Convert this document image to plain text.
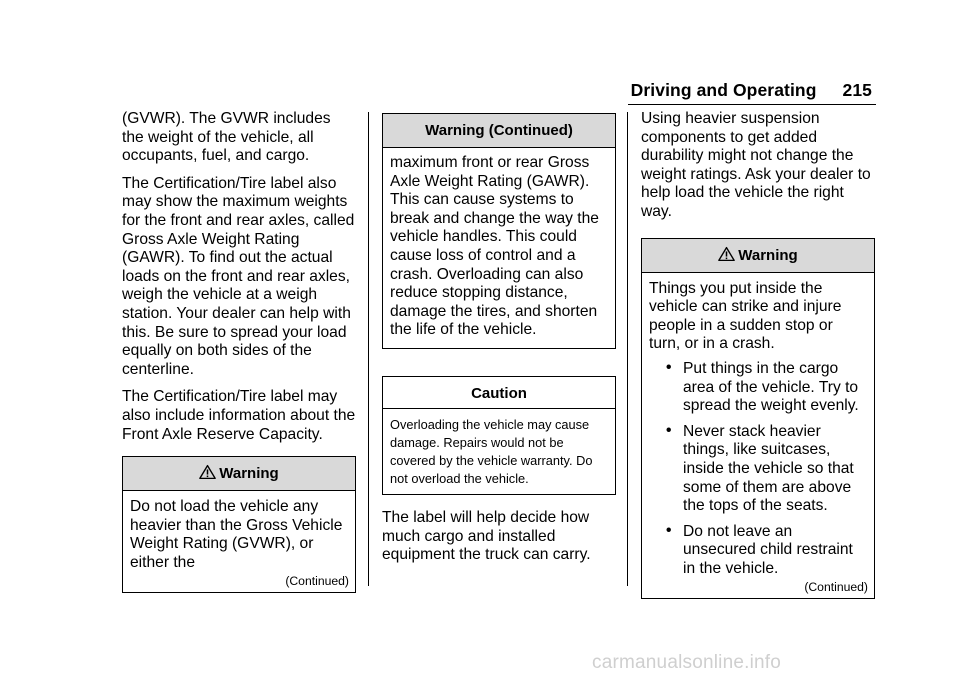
Driving and Operating 215

(GVWR). The GVWR includes the weight of the vehicle, all occupants, fuel, and cargo.

The Certification/Tire label also may show the maximum weights for the front and rear axles, called Gross Axle Weight Rating (GAWR). To find out the actual loads on the front and rear axles, weigh the vehicle at a weigh station. Your dealer can help with this. Be sure to spread your load equally on both sides of the centerline.

The Certification/Tire label may also include information about the Front Axle Reserve Capacity.

Warning

Do not load the vehicle any heavier than the Gross Vehicle Weight Rating (GVWR), or either the

(Continued)
Warning (Continued)

maximum front or rear Gross Axle Weight Rating (GAWR). This can cause systems to break and change the way the vehicle handles. This could cause loss of control and a crash. Overloading can also reduce stopping distance, damage the tires, and shorten the life of the vehicle.

Caution

Overloading the vehicle may cause damage. Repairs would not be covered by the vehicle warranty. Do not overload the vehicle.

The label will help decide how much cargo and installed equipment the truck can carry.

Using heavier suspension components to get added durability might not change the weight ratings. Ask your dealer to help load the vehicle the right way.

Warning

Things you put inside the vehicle can strike and injure people in a sudden stop or turn, or in a crash.

• Put things in the cargo area of the vehicle. Try to spread the weight evenly.
• Never stack heavier things, like suitcases, inside the vehicle so that some of them are above the tops of the seats.
• Do not leave an unsecured child restraint in the vehicle.
(Continued)
carmanualsonline.info
